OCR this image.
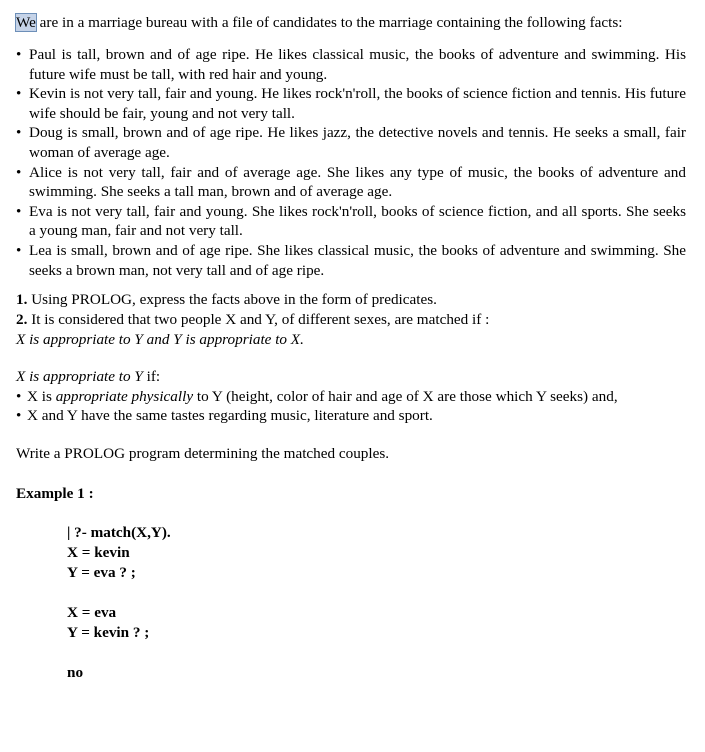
We are in a marriage bureau with a file of candidates to the marriage containing the following facts:

• Paul is tall, brown and of age ripe. He likes classical music, the books of adventure and swimming. His future wife must be tall, with red hair and young.
• Kevin is not very tall, fair and young. He likes rock'n'roll, the books of science fiction and tennis. His future wife should be fair, young and not very tall.
• Doug is small, brown and of age ripe. He likes jazz, the detective novels and tennis. He seeks a small, fair woman of average age.
• Alice is not very tall, fair and of average age. She likes any type of music, the books of adventure and swimming. She seeks a tall man, brown and of average age.
• Eva is not very tall, fair and young. She likes rock'n'roll, books of science fiction, and all sports. She seeks a young man, fair and not very tall.
• Lea is small, brown and of age ripe. She likes classical music, the books of adventure and swimming. She seeks a brown man, not very tall and of age ripe.

1. Using PROLOG, express the facts above in the form of predicates.

2. It is considered that two people X and Y, of different sexes, are matched if :

X is appropriate to Y and Y is appropriate to X.

X is appropriate to Y if:

• X is appropriate physically to Y (height, color of hair and age of X are those which Y seeks) and,

• X and Y have the same tastes regarding music, literature and sport.

Write a PROLOG program determining the matched couples.

Example 1 :

| ?- match(X,Y).
X = kevin
Y = eva ? ;
X = eva
Y = kevin ? ;
no
